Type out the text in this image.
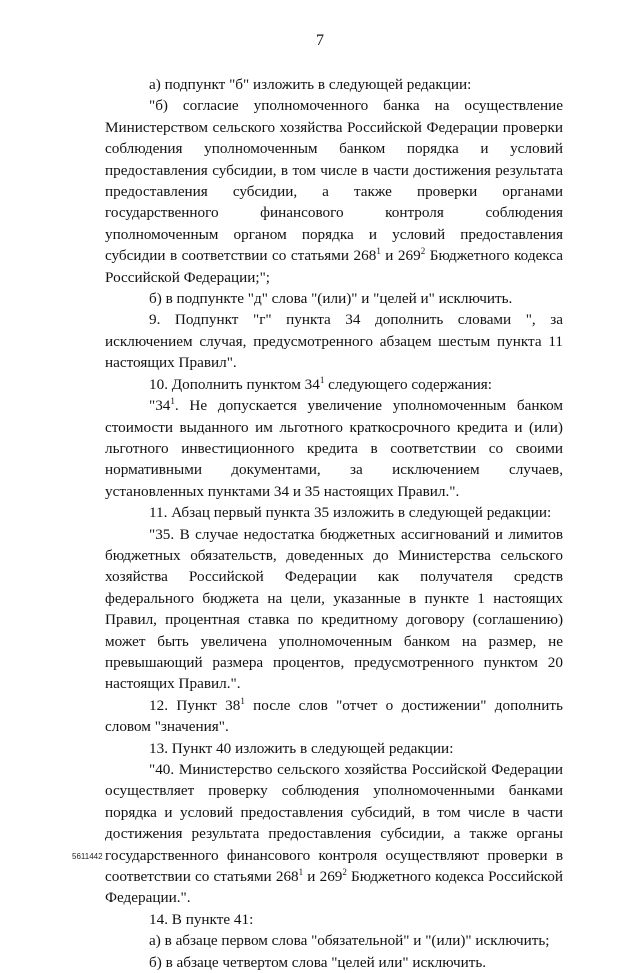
7

а) подпункт "б" изложить в следующей редакции:

"б) согласие уполномоченного банка на осуществление Министерством сельского хозяйства Российской Федерации проверки соблюдения уполномоченным банком порядка и условий предоставления субсидии, в том числе в части достижения результата предоставления субсидии, а также проверки органами государственного финансового контроля соблюдения уполномоченным органом порядка и условий предоставления субсидии в соответствии со статьями $268^1$ и $269^2$ Бюджетного кодекса Российской Федерации;";

б) в подпункте "д" слова "(или)" и "целей и" исключить.

9. Подпункт "г" пункта 34 дополнить словами ", за исключением случая, предусмотренного абзацем шестым пункта 11 настоящих Правил".

10. Дополнить пунктом $34^1$ следующего содержания:

"$34^1$. Не допускается увеличение уполномоченным банком стоимости выданного им льготного краткосрочного кредита и (или) льготного инвестиционного кредита в соответствии со своими нормативными документами, за исключением случаев, установленных пунктами 34 и 35 настоящих Правил.".

11. Абзац первый пункта 35 изложить в следующей редакции:

"35. В случае недостатка бюджетных ассигнований и лимитов бюджетных обязательств, доведенных до Министерства сельского хозяйства Российской Федерации как получателя средств федерального бюджета на цели, указанные в пункте 1 настоящих Правил, процентная ставка по кредитному договору (соглашению) может быть увеличена уполномоченным банком на размер, не превышающий размера процентов, предусмотренного пунктом 20 настоящих Правил.".

12. Пункт $38^1$ после слов "отчет о достижении" дополнить словом "значения".

13. Пункт 40 изложить в следующей редакции:

"40. Министерство сельского хозяйства Российской Федерации осуществляет проверку соблюдения уполномоченными банками порядка и условий предоставления субсидий, в том числе в части достижения результата предоставления субсидии, а также органы государственного финансового контроля осуществляют проверки в соответствии со статьями $268^1$ и $269^2$ Бюджетного кодекса Российской Федерации.".

14. В пункте 41:

а) в абзаце первом слова "обязательной" и "(или)" исключить;

б) в абзаце четвертом слова "целей или" исключить.

5611442
